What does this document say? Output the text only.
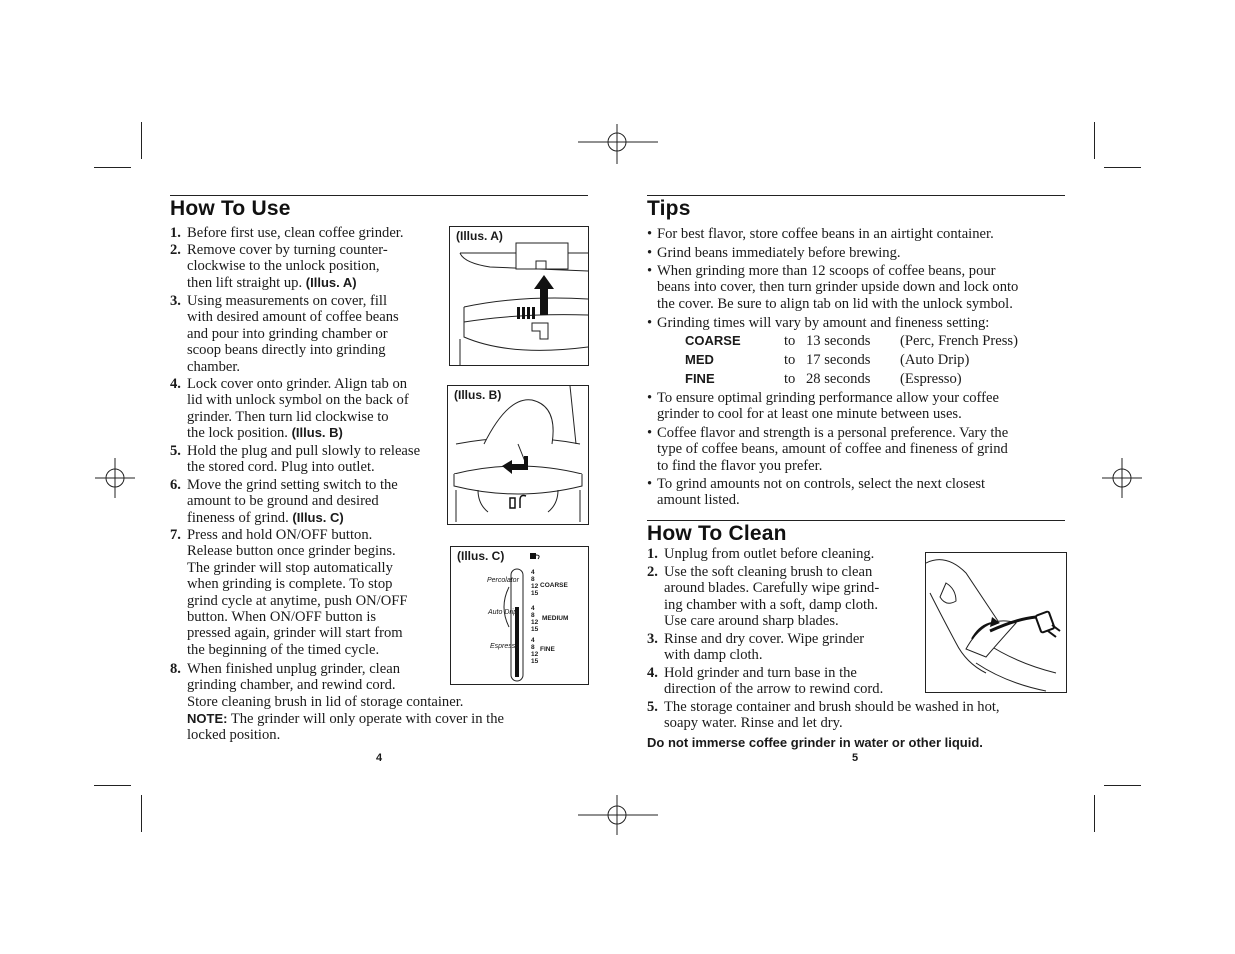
How To Use
1. Before first use, clean coffee grinder.
2. Remove cover by turning counter-
clockwise to the unlock position,
then lift straight up. (Illus. A)
3. Using measurements on cover, fill
with desired amount of coffee beans
and pour into grinding chamber or
scoop beans directly into grinding
chamber.
4. Lock cover onto grinder. Align tab on
lid with unlock symbol on the back of
grinder. Then turn lid clockwise to
the lock position. (Illus. B)
5. Hold the plug and pull slowly to release
the stored cord. Plug into outlet.
6. Move the grind setting switch to the
amount to be ground and desired
fineness of grind. (Illus. C)
7. Press and hold ON/OFF button.
Release button once grinder begins.
The grinder will stop automatically
when grinding is complete. To stop
grind cycle at anytime, push ON/OFF
button. When ON/OFF button is
pressed again, grinder will start from
the beginning of the timed cycle.
8. When finished unplug grinder, clean
grinding chamber, and rewind cord.
Store cleaning brush in lid of storage container.
NOTE: The grinder will only operate with cover in the
locked position.
(Illus. A)
(Illus. B)
(Illus. C)
Percolator
Auto Drip
Espresso
COARSE
MEDIUM
FINE
4
8
12
15
4
8
12
15
4
8
12
15
4
Tips
• For best flavor, store coffee beans in an airtight container.
• Grind beans immediately before brewing.
• When grinding more than 12 scoops of coffee beans, pour
beans into cover, then turn grinder upside down and lock onto
the cover. Be sure to align tab on lid with the unlock symbol.
• Grinding times will vary by amount and fineness setting:
COARSE	to 13 seconds (Perc, French Press)
MED	to 17 seconds (Auto Drip)
FINE	to 28 seconds (Espresso)
• To ensure optimal grinding performance allow your coffee
grinder to cool for at least one minute between uses.
• Coffee flavor and strength is a personal preference. Vary the
type of coffee beans, amount of coffee and fineness of grind
to find the flavor you prefer.
• To grind amounts not on controls, select the next closest
amount listed.
How To Clean
1. Unplug from outlet before cleaning.
2. Use the soft cleaning brush to clean
around blades. Carefully wipe grind-
ing chamber with a soft, damp cloth.
Use care around sharp blades.
3. Rinse and dry cover. Wipe grinder
with damp cloth.
4. Hold grinder and turn base in the
direction of the arrow to rewind cord.
5. The storage container and brush should be washed in hot,
soapy water. Rinse and let dry.
Do not immerse coffee grinder in water or other liquid.
5
